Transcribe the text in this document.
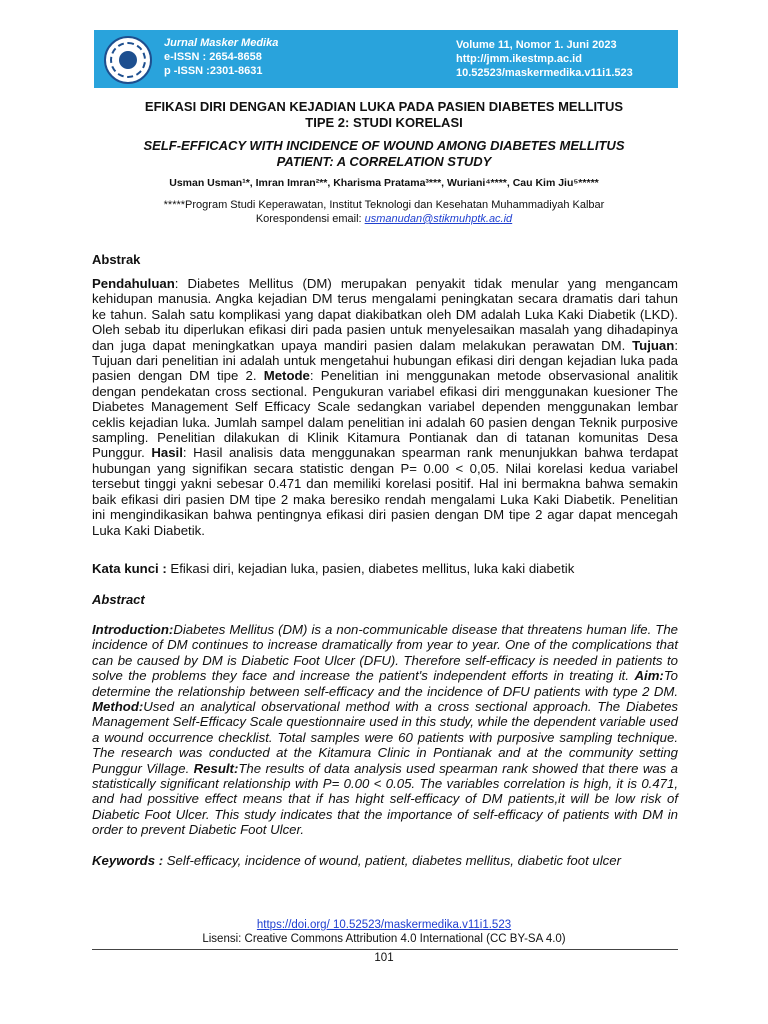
Jurnal Masker Medika
e-ISSN : 2654-8658
p -ISSN :2301-8631
Volume 11, Nomor 1. Juni 2023
http://jmm.ikestmp.ac.id
10.52523/maskermedika.v11i1.523
EFIKASI DIRI DENGAN KEJADIAN LUKA PADA PASIEN DIABETES MELLITUS
TIPE 2: STUDI KORELASI
SELF-EFFICACY WITH INCIDENCE OF WOUND AMONG DIABETES MELLITUS
PATIENT: A CORRELATION STUDY
Usman Usman¹*, Imran Imran²**, Kharisma Pratama³***, Wuriani⁴****, Cau Kim Jiu⁵*****
*****Program Studi Keperawatan, Institut Teknologi dan Kesehatan Muhammadiyah Kalbar
Korespondensi email: usmanudan@stikmuhptk.ac.id
Abstrak
Pendahuluan: Diabetes Mellitus (DM) merupakan penyakit tidak menular yang mengancam kehidupan manusia. Angka kejadian DM terus mengalami peningkatan secara dramatis dari tahun ke tahun. Salah satu komplikasi yang dapat diakibatkan oleh DM adalah Luka Kaki Diabetik (LKD). Oleh sebab itu diperlukan efikasi diri pada pasien untuk menyelesaikan masalah yang dihadapinya dan juga dapat meningkatkan upaya mandiri pasien dalam melakukan perawatan DM. Tujuan: Tujuan dari penelitian ini adalah untuk mengetahui hubungan efikasi diri dengan kejadian luka pada pasien dengan DM tipe 2. Metode: Penelitian ini menggunakan metode observasional analitik dengan pendekatan cross sectional. Pengukuran variabel efikasi diri menggunakan kuesioner The Diabetes Management Self Efficacy Scale sedangkan variabel dependen menggunakan lembar ceklis kejadian luka. Jumlah sampel dalam penelitian ini adalah 60 pasien dengan Teknik purposive sampling. Penelitian dilakukan di Klinik Kitamura Pontianak dan di tatanan komunitas Desa Punggur. Hasil: Hasil analisis data menggunakan spearman rank menunjukkan bahwa terdapat hubungan yang signifikan secara statistic dengan P= 0.00 < 0,05. Nilai korelasi kedua variabel tersebut tinggi yakni sebesar 0.471 dan memiliki korelasi positif. Hal ini bermakna bahwa semakin baik efikasi diri pasien DM tipe 2 maka beresiko rendah mengalami Luka Kaki Diabetik. Penelitian ini mengindikasikan bahwa pentingnya efikasi diri pasien dengan DM tipe 2 agar dapat mencegah Luka Kaki Diabetik.
Kata kunci : Efikasi diri, kejadian luka, pasien, diabetes mellitus, luka kaki diabetik
Abstract
Introduction:Diabetes Mellitus (DM) is a non-communicable disease that threatens human life. The incidence of DM continues to increase dramatically from year to year. One of the complications that can be caused by DM is Diabetic Foot Ulcer (DFU). Therefore self-efficacy is needed in patients to solve the problems they face and increase the patient's independent efforts in treating it. Aim:To determine the relationship between self-efficacy and the incidence of DFU patients with type 2 DM. Method:Used an analytical observational method with a cross sectional approach. The Diabetes Management Self-Efficacy Scale questionnaire used in this study, while the dependent variable used a wound occurrence checklist. Total samples were 60 patients with purposive sampling technique. The research was conducted at the Kitamura Clinic in Pontianak and at the community setting Punggur Village. Result:The results of data analysis used spearman rank showed that there was a statistically significant relationship with P= 0.00 < 0.05. The variables correlation is high, it is 0.471, and had possitive effect means that if has hight self-efficacy of DM patients,it will be low risk of Diabetic Foot Ulcer. This study indicates that the importance of self-efficacy of patients with DM in order to prevent Diabetic Foot Ulcer.
Keywords : Self-efficacy, incidence of wound, patient, diabetes mellitus, diabetic foot ulcer
https://doi.org/ 10.52523/maskermedika.v11i1.523
Lisensi: Creative Commons Attribution 4.0 International (CC BY-SA 4.0)
101
